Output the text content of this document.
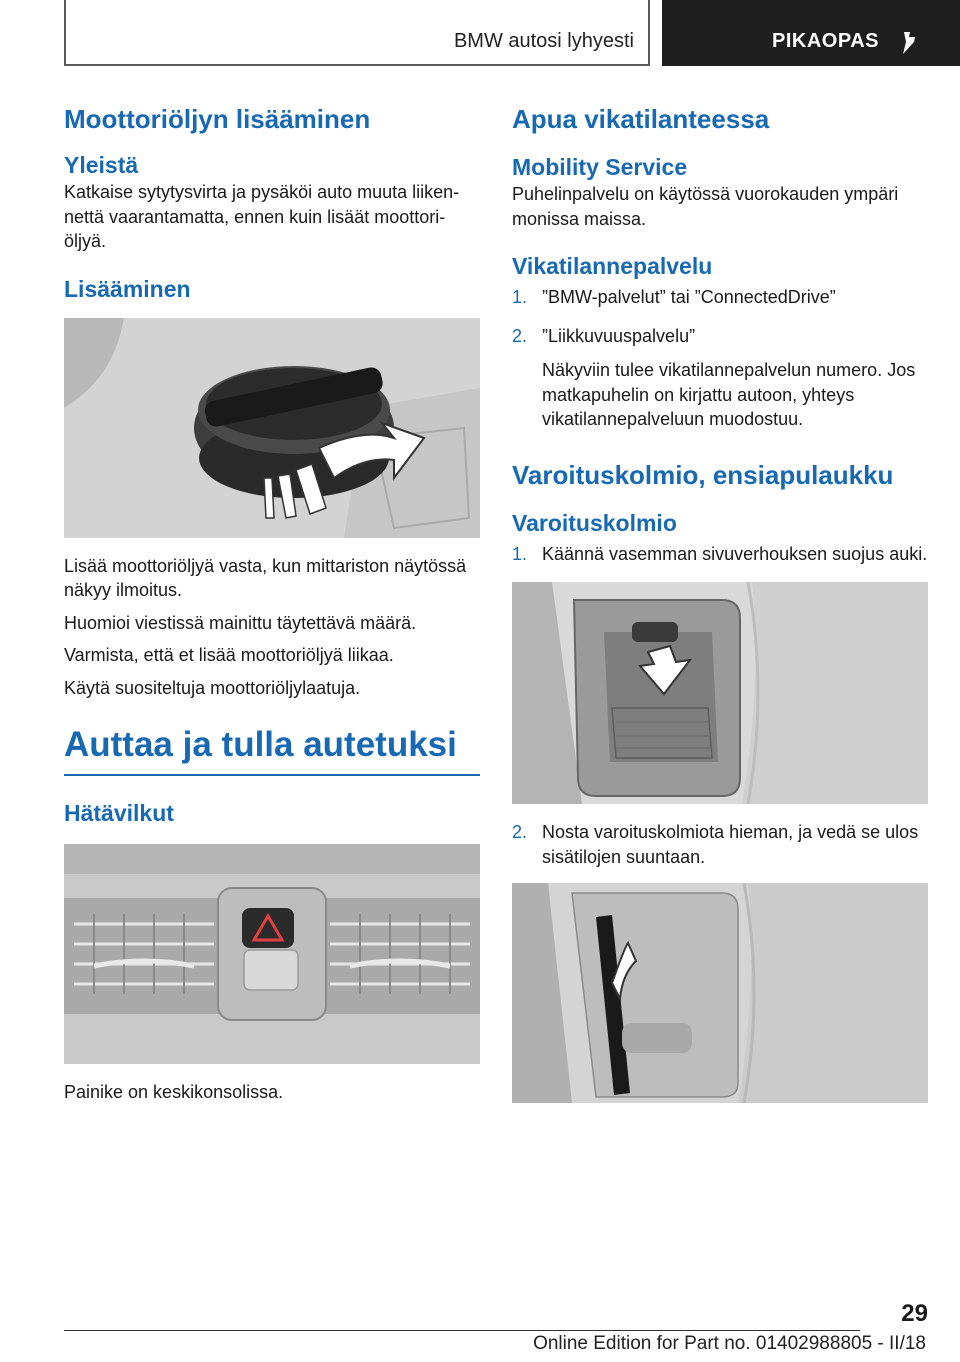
BMW autosi lyhyesti	PIKAOPAS
Moottoriöljyn lisääminen
Yleistä

Katkaise sytytysvirta ja pysäköi auto muuta liikennettä vaarantamatta, ennen kuin lisäät moottoriöljyä.

Lisääminen

Lisää moottoriöljyä vasta, kun mittariston näytössä näkyy ilmoitus.

Huomioi viestissä mainittu täytettävä määrä.

Varmista, että et lisää moottoriöljyä liikaa.

Käytä suositeltuja moottoriöljylaatuja.

Auttaa ja tulla autetuksi
Hätävilkut

Painike on keskikonsolissa.

Apua vikatilanteessa
Mobility Service

Puhelinpalvelu on käytössä vuorokauden ympäri monissa maissa.

Vikatilannepalvelu
1. ”BMW-palvelut” tai ”ConnectedDrive”
2. ”Liikkuvuuspalvelu”

Näkyviin tulee vikatilannepalvelun numero. Jos matkapuhelin on kirjattu autoon, yhteys vikatilannepalveluun muodostuu.

Varoituskolmio, ensiapulaukku
Varoituskolmio
1. Käännä vasemman sivuverhouksen suojus auki.
2. Nosta varoituskolmiota hieman, ja vedä se ulos sisätilojen suuntaan.
29
Online Edition for Part no. 01402988805 - II/18
